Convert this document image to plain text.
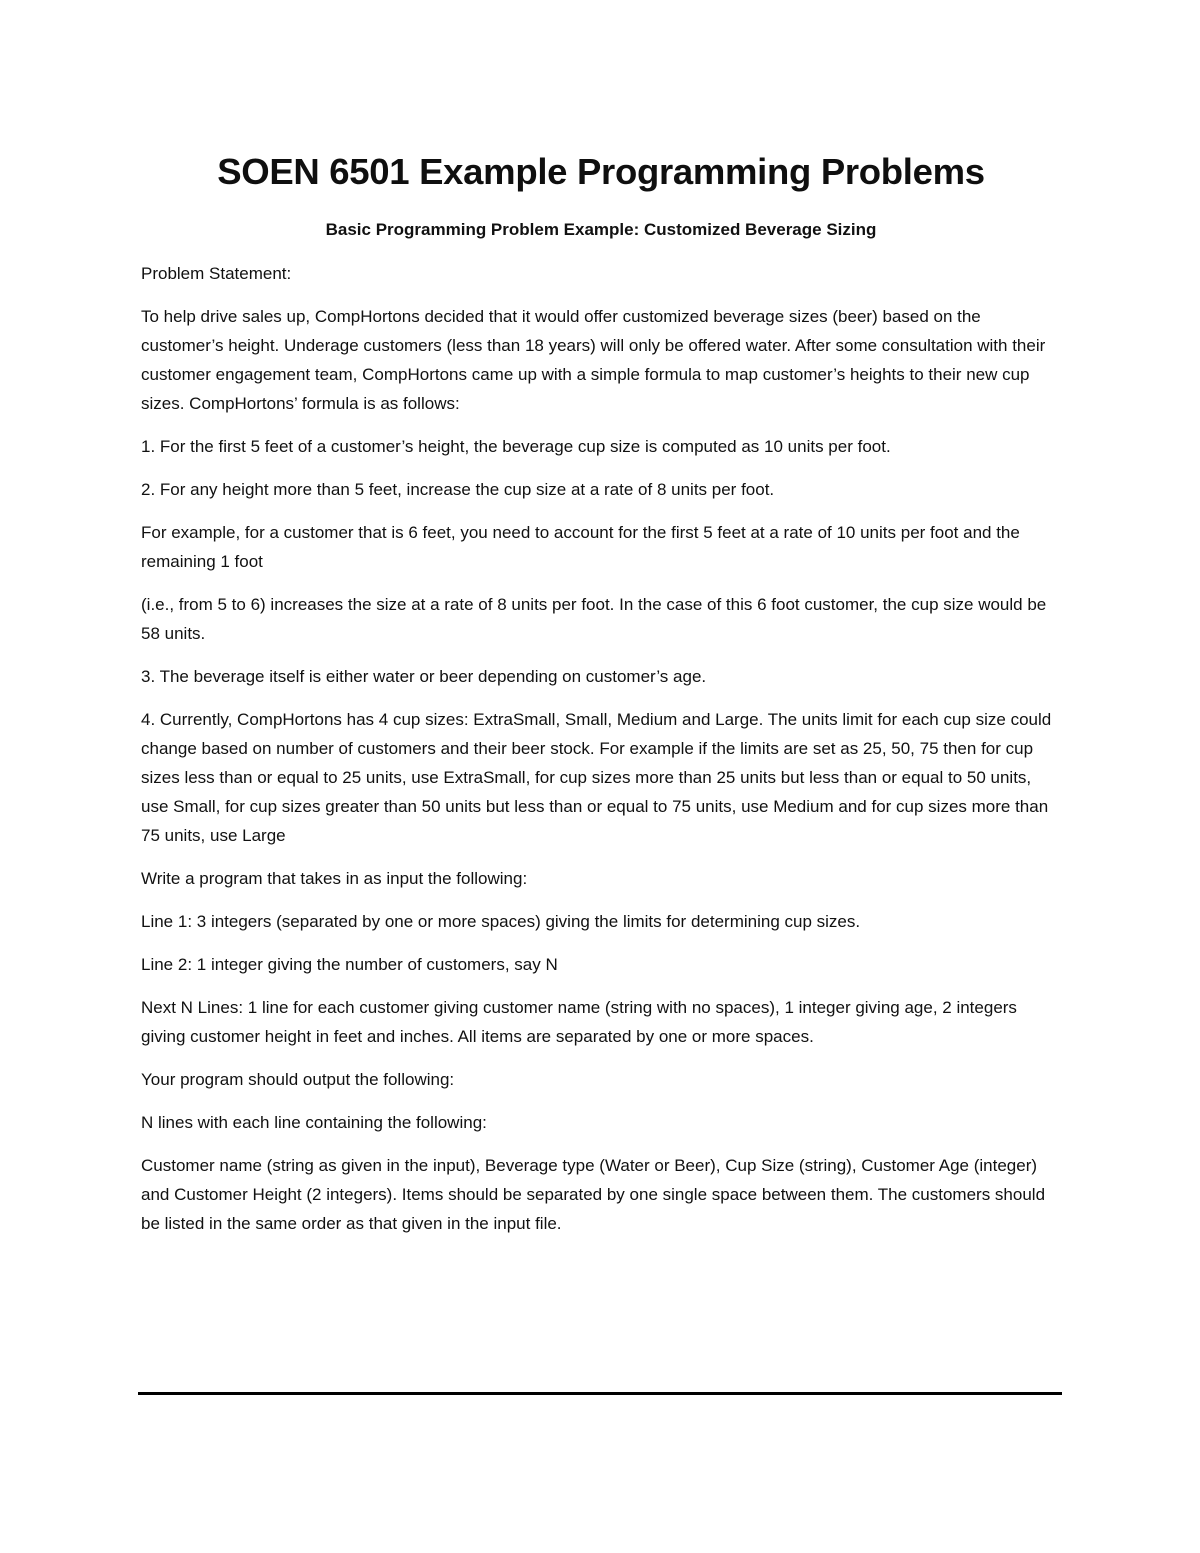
SOEN 6501 Example Programming Problems
Basic Programming Problem Example: Customized Beverage Sizing

Problem Statement:

To help drive sales up, CompHortons decided that it would offer customized beverage sizes (beer) based on the customer’s height. Underage customers (less than 18 years) will only be offered water. After some consultation with their customer engagement team, CompHortons came up with a simple formula to map customer’s heights to their new cup sizes. CompHortons’ formula is as follows:

1. For the first 5 feet of a customer’s height, the beverage cup size is computed as 10 units per foot.

2. For any height more than 5 feet, increase the cup size at a rate of 8 units per foot.

For example, for a customer that is 6 feet, you need to account for the first 5 feet at a rate of 10 units per foot and the remaining 1 foot

(i.e., from 5 to 6) increases the size at a rate of 8 units per foot. In the case of this 6 foot customer, the cup size would be 58 units.

3. The beverage itself is either water or beer depending on customer’s age.

4. Currently, CompHortons has 4 cup sizes: ExtraSmall, Small, Medium and Large. The units limit for each cup size could change based on number of customers and their beer stock. For example if the limits are set as 25, 50, 75 then for cup sizes less than or equal to 25 units, use ExtraSmall, for cup sizes more than 25 units but less than or equal to 50 units, use Small, for cup sizes greater than 50 units but less than or equal to 75 units, use Medium and for cup sizes more than 75 units, use Large

Write a program that takes in as input the following:

Line 1: 3 integers (separated by one or more spaces) giving the limits for determining cup sizes.

Line 2: 1 integer giving the number of customers, say N

Next N Lines: 1 line for each customer giving customer name (string with no spaces), 1 integer giving age, 2 integers giving customer height in feet and inches. All items are separated by one or more spaces.

Your program should output the following:

N lines with each line containing the following:

Customer name (string as given in the input), Beverage type (Water or Beer), Cup Size (string), Customer Age (integer) and Customer Height (2 integers). Items should be separated by one single space between them. The customers should be listed in the same order as that given in the input file.
